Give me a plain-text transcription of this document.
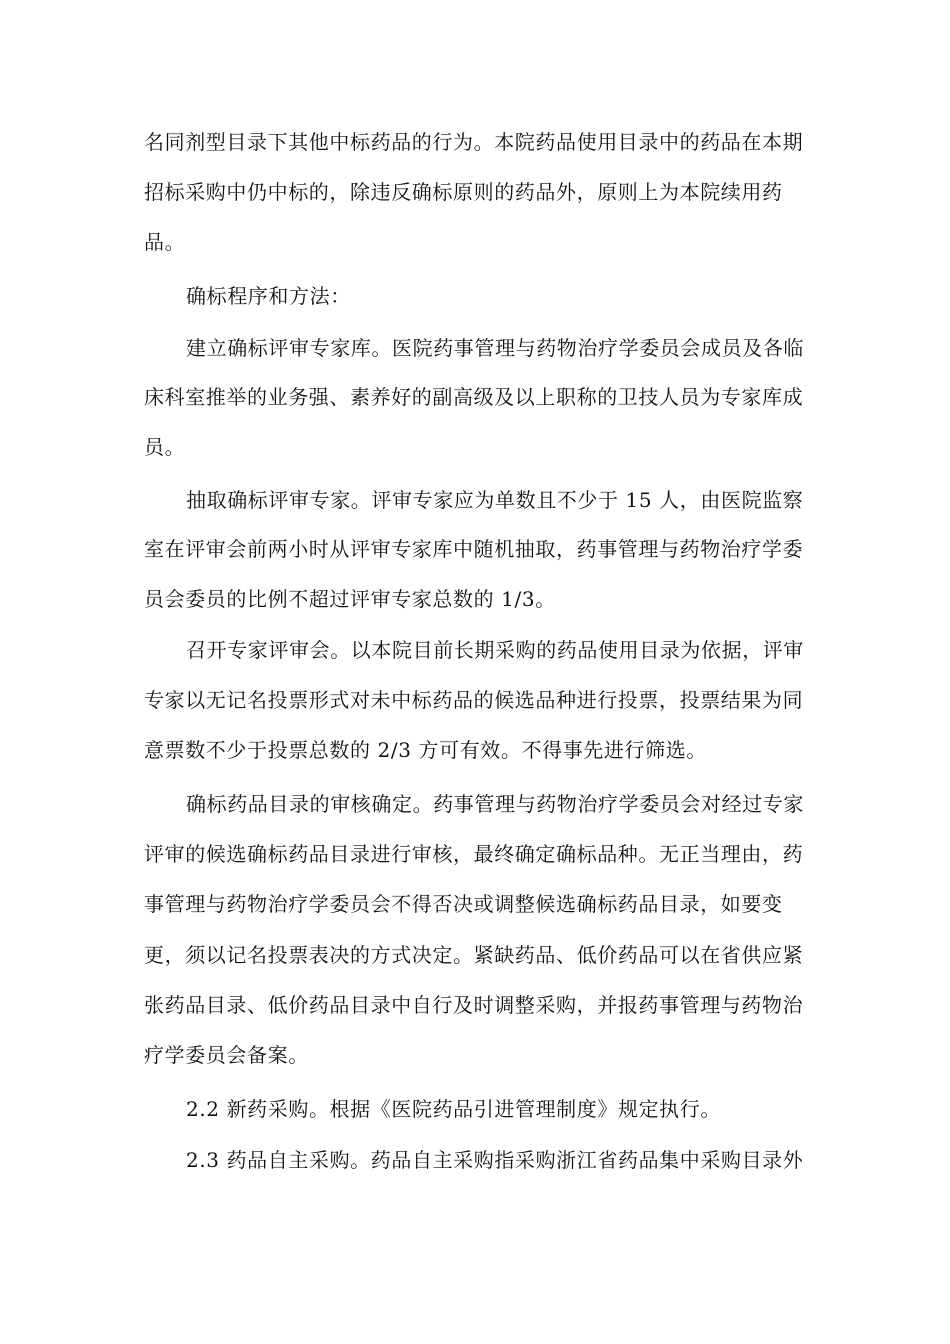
名同剂型目录下其他中标药品的行为。本院药品使用目录中的药品在本期
招标采购中仍中标的，除违反确标原则的药品外，原则上为本院续用药
品。
确标程序和方法：
建立确标评审专家库。医院药事管理与药物治疗学委员会成员及各临
床科室推举的业务强、素养好的副高级及以上职称的卫技人员为专家库成
员。
抽取确标评审专家。评审专家应为单数且不少于 15 人，由医院监察
室在评审会前两小时从评审专家库中随机抽取，药事管理与药物治疗学委
员会委员的比例不超过评审专家总数的 1/3。
召开专家评审会。以本院目前长期采购的药品使用目录为依据，评审
专家以无记名投票形式对未中标药品的候选品种进行投票，投票结果为同
意票数不少于投票总数的 2/3 方可有效。不得事先进行筛选。
确标药品目录的审核确定。药事管理与药物治疗学委员会对经过专家
评审的候选确标药品目录进行审核，最终确定确标品种。无正当理由，药
事管理与药物治疗学委员会不得否决或调整候选确标药品目录，如要变
更，须以记名投票表决的方式决定。紧缺药品、低价药品可以在省供应紧
张药品目录、低价药品目录中自行及时调整采购，并报药事管理与药物治
疗学委员会备案。
2.2 新药采购。根据《医院药品引进管理制度》规定执行。
2.3 药品自主采购。药品自主采购指采购浙江省药品集中采购目录外
